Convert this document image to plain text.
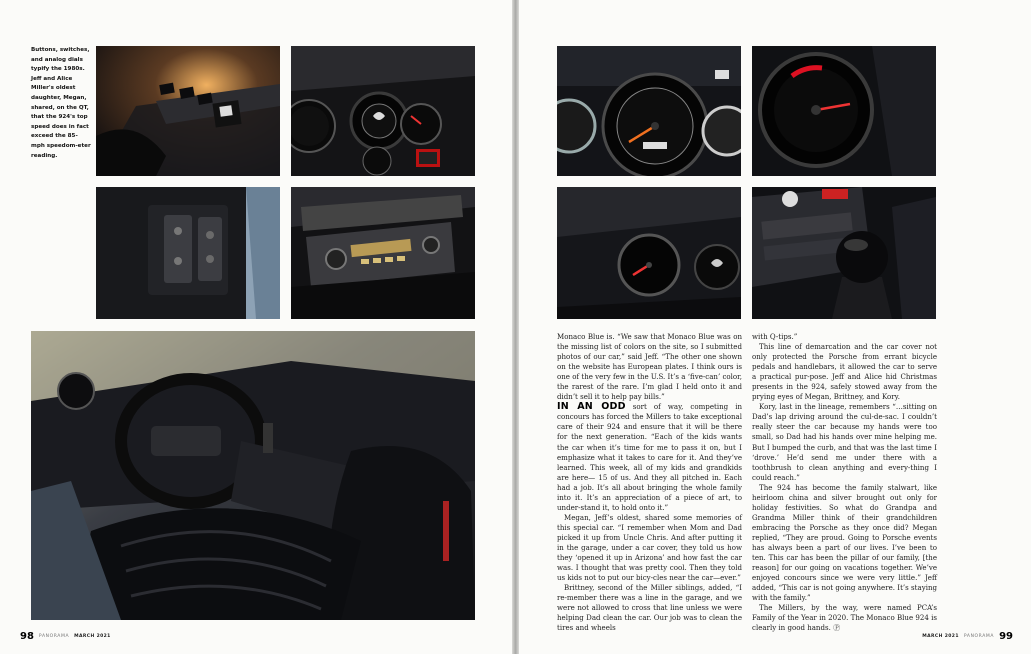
Buttons, switches, and analog dials typify the 1980s. Jeff and Alice Miller's oldest daughter, Megan, shared, on the QT, that the 924's top speed does in fact exceed the 85-mph speedom-eter reading.
98 PANORAMA MARCH 2021

Monaco Blue is. “We saw that Monaco Blue was on the missing list of colors on the site, so I submitted photos of our car,” said Jeff. “The other one shown on the website has European plates. I think ours is one of the very few in the U.S. It’s a ‘five-can’ color, the rarest of the rare. I’m glad I held onto it and didn’t sell it to help pay bills.”

IN AN ODD sort of way, competing in concours has forced the Millers to take exceptional care of their 924 and ensure that it will be there for the next generation. “Each of the kids wants the car when it’s time for me to pass it on, but I emphasize what it takes to care for it. And they’ve learned. This week, all of my kids and grandkids are here— 15 of us. And they all pitched in. Each had a job. It’s all about bringing the whole family into it. It’s an appreciation of a piece of art, to under-stand it, to hold onto it.”

Megan, Jeff’s oldest, shared some memories of this special car. “I remember when Mom and Dad picked it up from Uncle Chris. And after putting it in the garage, under a car cover, they told us how they ‘opened it up in Arizona’ and how fast the car was. I thought that was pretty cool. Then they told us kids not to put our bicy-cles near the car—ever.”

Brittney, second of the Miller siblings, added, “I re-member there was a line in the garage, and we were not allowed to cross that line unless we were helping Dad clean the car. Our job was to clean the tires and wheels

with Q-tips.”

This line of demarcation and the car cover not only protected the Porsche from errant bicycle pedals and handlebars, it allowed the car to serve a practical pur-pose. Jeff and Alice hid Christmas presents in the 924, safely stowed away from the prying eyes of Megan, Brittney, and Kory.

Kory, last in the lineage, remembers “…sitting on Dad’s lap driving around the cul-de-sac. I couldn’t really steer the car because my hands were too small, so Dad had his hands over mine helping me. But I bumped the curb, and that was the last time I ‘drove.’ He’d send me under there with a toothbrush to clean anything and every-thing I could reach.”

The 924 has become the family stalwart, like heirloom china and silver brought out only for holiday festivities. So what do Grandpa and Grandma Miller think of their grandchildren embracing the Porsche as they once did? Megan replied, “They are proud. Going to Porsche events has always been a part of our lives. I’ve been to ten. This car has been the pillar of our family, [the reason] for our going on vacations together. We’ve enjoyed concours since we were very little.” Jeff added, “This car is not going anywhere. It’s staying with the family.”

The Millers, by the way, were named PCA’s Family of the Year in 2020. The Monaco Blue 924 is clearly in good hands. Ⓟ

MARCH 2021 PANORAMA 99
